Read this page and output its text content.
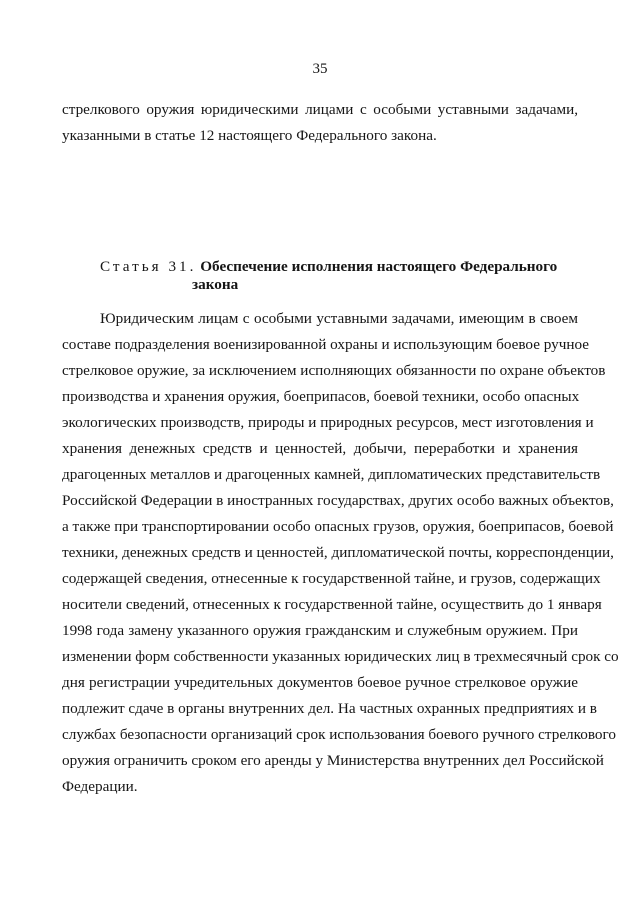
35
стрелкового оружия юридическими лицами с особыми уставными задачами,
указанными в статье 12 настоящего Федерального закона.
Статья 31. Обеспечение исполнения настоящего Федерального
закона
Юридическим лицам с особыми уставными задачами, имеющим в своем
составе подразделения военизированной охраны и использующим боевое ручное
стрелковое оружие, за исключением исполняющих обязанности по охране объектов
производства и хранения оружия, боеприпасов, боевой техники, особо опасных
экологических производств, природы и природных ресурсов, мест изготовления и
хранения денежных средств и ценностей, добычи, переработки и хранения
драгоценных металлов и драгоценных камней, дипломатических представительств
Российской Федерации в иностранных государствах, других особо важных объектов,
а также при транспортировании особо опасных грузов, оружия, боеприпасов, боевой
техники, денежных средств и ценностей, дипломатической почты, корреспонденции,
содержащей сведения, отнесенные к государственной тайне, и грузов, содержащих
носители сведений, отнесенных к государственной тайне, осуществить до 1 января
1998 года замену указанного оружия гражданским и служебным оружием. При
изменении форм собственности указанных юридических лиц в трехмесячный срок со
дня регистрации учредительных документов боевое ручное стрелковое оружие
подлежит сдаче в органы внутренних дел. На частных охранных предприятиях и в
службах безопасности организаций срок использования боевого ручного стрелкового
оружия ограничить сроком его аренды у Министерства внутренних дел Российской
Федерации.
